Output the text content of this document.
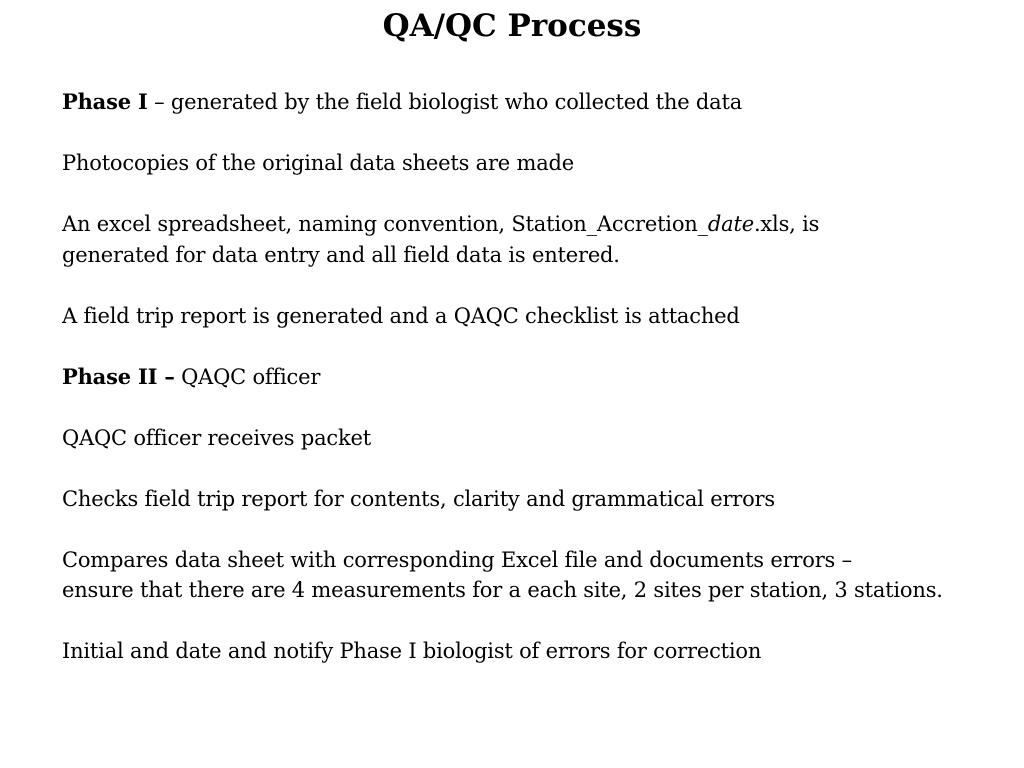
QA/QC Process

Phase I – generated by the field biologist who collected the data

Photocopies of the original data sheets are made

An excel spreadsheet, naming convention, Station_Accretion_date.xls, is
generated for data entry and all field data is entered.

A field trip report is generated and a QAQC checklist is attached

Phase II – QAQC officer

QAQC officer receives packet

Checks field trip report for contents, clarity and grammatical errors

Compares data sheet with corresponding Excel file and documents errors –
ensure that there are 4 measurements for a each site, 2 sites per station, 3 stations.

Initial and date and notify Phase I biologist of errors for correction
